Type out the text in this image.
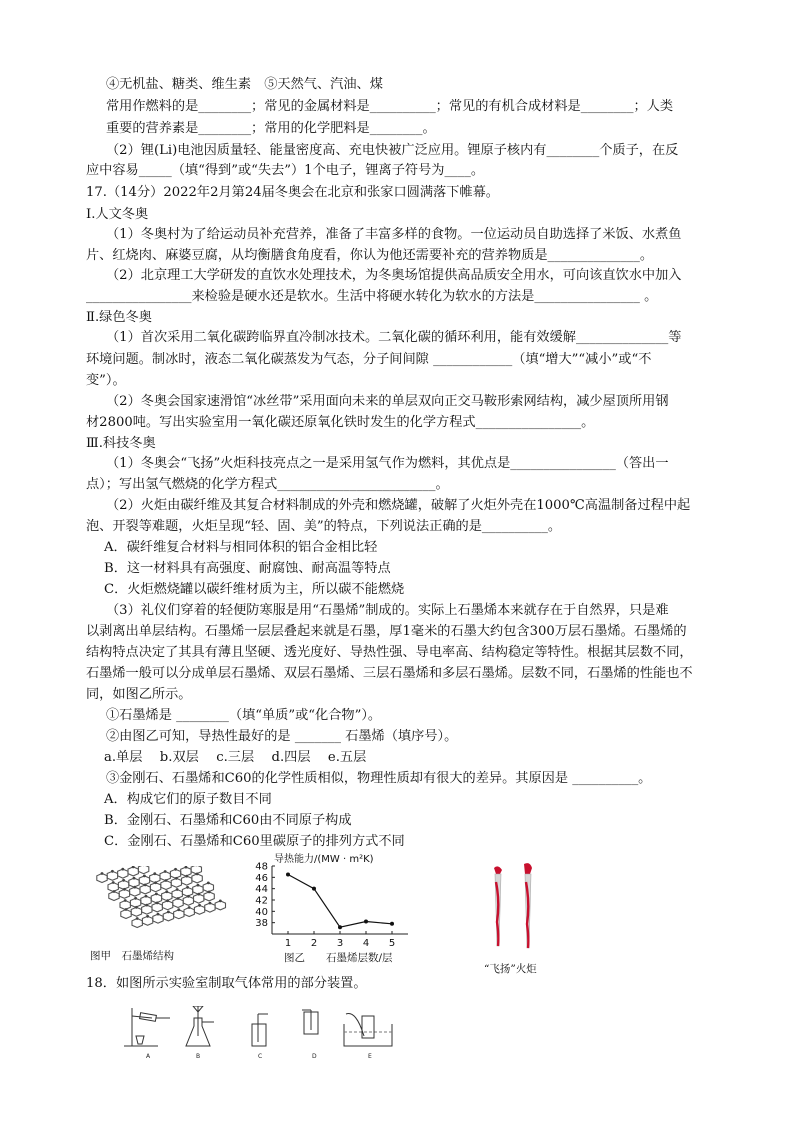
④无机盐、糖类、维生素　⑤天然气、汽油、煤
常用作燃料的是________；常见的金属材料是__________；常见的有机合成材料是________；人类
重要的营养素是________；常用的化学肥料是________。
（2）锂(Li)电池因质量轻、能量密度高、充电快被广泛应用。锂原子核内有________个质子，在反
应中容易_____（填“得到”或“失去”）1个电子，锂离子符号为____。
17.（14分）2022年2月第24届冬奥会在北京和张家口圆满落下帷幕。
Ⅰ.人文冬奥
（1）冬奥村为了给运动员补充营养，准备了丰富多样的食物。一位运动员自助选择了米饭、水煮鱼
片、红烧肉、麻婆豆腐，从均衡膳食角度看，你认为他还需要补充的营养物质是______________。
（2）北京理工大学研发的直饮水处理技术，为冬奥场馆提供高品质安全用水，可向该直饮水中加入
________________来检验是硬水还是软水。生活中将硬水转化为软水的方法是________________ 。
Ⅱ.绿色冬奥
（1）首次采用二氧化碳跨临界直冷制冰技术。二氧化碳的循环利用，能有效缓解______________等
环境问题。制冰时，液态二氧化碳蒸发为气态，分子间间隙 ____________（填“增大”“减小”或“不
变”）。
（2）冬奥会国家速滑馆“冰丝带”采用面向未来的单层双向正交马鞍形索网结构，减少屋顶所用钢
材2800吨。写出实验室用一氧化碳还原氧化铁时发生的化学方程式________________。
Ⅲ.科技冬奥
（1）冬奥会“飞扬”火炬科技亮点之一是采用氢气作为燃料，其优点是________________（答出一
点）；写出氢气燃烧的化学方程式________________________。
（2）火炬由碳纤维及其复合材料制成的外壳和燃烧罐，破解了火炬外壳在1000℃高温制备过程中起
泡、开裂等难题，火炬呈现“轻、固、美”的特点，下列说法正确的是__________。
A．碳纤维复合材料与相同体积的铝合金相比轻
B．这一材料具有高强度、耐腐蚀、耐高温等特点
C．火炬燃烧罐以碳纤维材质为主，所以碳不能燃烧
（3）礼仪们穿着的轻便防寒服是用“石墨烯”制成的。实际上石墨烯本来就存在于自然界，只是难
以剥离出单层结构。石墨烯一层层叠起来就是石墨，厚1毫米的石墨大约包含300万层石墨烯。石墨烯的
结构特点决定了其具有薄且坚硬、透光度好、导热性强、导电率高、结构稳定等特性。根据其层数不同，
石墨烯一般可以分成单层石墨烯、双层石墨烯、三层石墨烯和多层石墨烯。层数不同，石墨烯的性能也不
同，如图乙所示。
①石墨烯是 ________（填“单质”或“化合物”）。
②由图乙可知，导热性最好的是 _______ 石墨烯（填序号）。
a.单层　 b.双层　 c.三层　 d.四层　 e.五层
③金刚石、石墨烯和C60的化学性质相似，物理性质却有很大的差异。其原因是 __________。
A．构成它们的原子数目不同
B．金刚石、石墨烯和C60由不同原子构成
C．金刚石、石墨烯和C60里碳原子的排列方式不同
图甲　石墨烯结构
导热能力/(MW · m²K)
38
40
42
44
46
48
1 2 3 4 5
图乙　　石墨烯层数/层
“飞扬”火炬
18．如图所示实验室制取气体常用的部分装置。
A	B	C	D	E
